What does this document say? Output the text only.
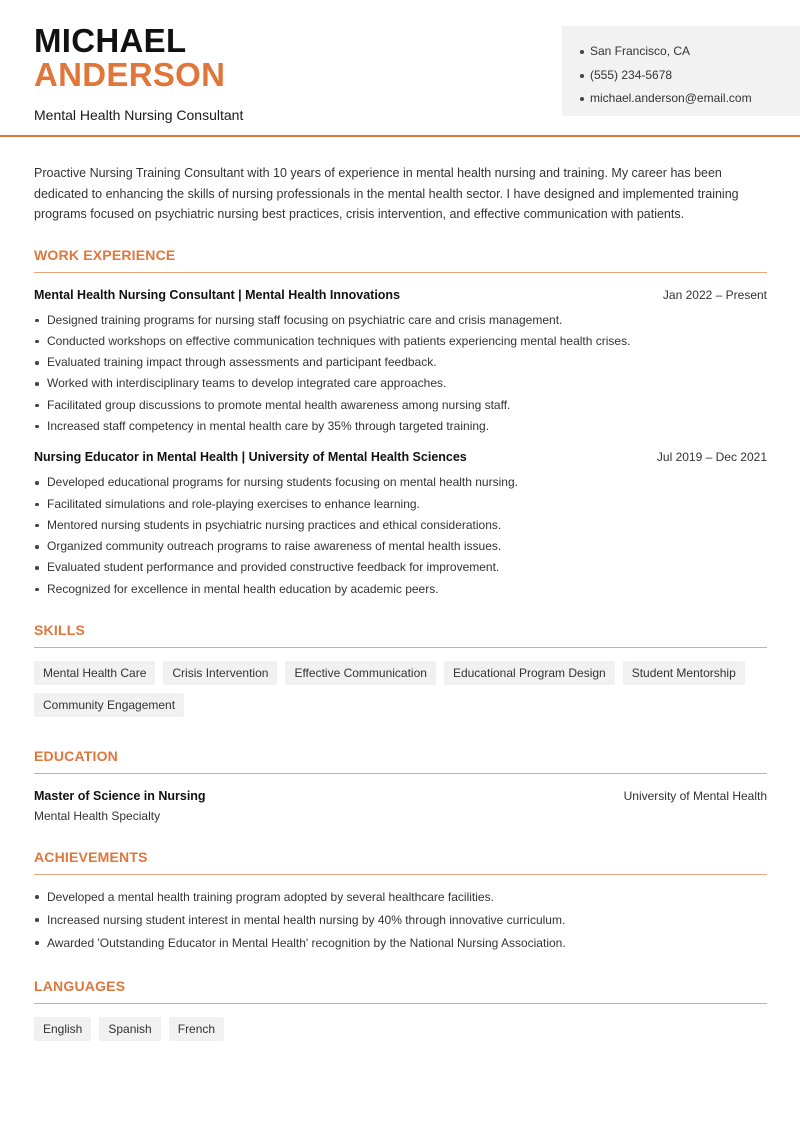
MICHAEL
ANDERSON
Mental Health Nursing Consultant
San Francisco, CA
(555) 234-5678
michael.anderson@email.com

Proactive Nursing Training Consultant with 10 years of experience in mental health nursing and training. My career has been dedicated to enhancing the skills of nursing professionals in the mental health sector. I have designed and implemented training programs focused on psychiatric nursing best practices, crisis intervention, and effective communication with patients.

WORK EXPERIENCE
Mental Health Nursing Consultant | Mental Health Innovations	Jan 2022 – Present
Designed training programs for nursing staff focusing on psychiatric care and crisis management.
Conducted workshops on effective communication techniques with patients experiencing mental health crises.
Evaluated training impact through assessments and participant feedback.
Worked with interdisciplinary teams to develop integrated care approaches.
Facilitated group discussions to promote mental health awareness among nursing staff.
Increased staff competency in mental health care by 35% through targeted training.
Nursing Educator in Mental Health | University of Mental Health Sciences	Jul 2019 – Dec 2021
Developed educational programs for nursing students focusing on mental health nursing.
Facilitated simulations and role-playing exercises to enhance learning.
Mentored nursing students in psychiatric nursing practices and ethical considerations.
Organized community outreach programs to raise awareness of mental health issues.
Evaluated student performance and provided constructive feedback for improvement.
Recognized for excellence in mental health education by academic peers.
SKILLS
Mental Health Care	Crisis Intervention	Effective Communication	Educational Program Design	Student Mentorship
Community Engagement
EDUCATION
Master of Science in Nursing	University of Mental Health
Mental Health Specialty
ACHIEVEMENTS
Developed a mental health training program adopted by several healthcare facilities.
Increased nursing student interest in mental health nursing by 40% through innovative curriculum.
Awarded 'Outstanding Educator in Mental Health' recognition by the National Nursing Association.
LANGUAGES
English	Spanish	French
